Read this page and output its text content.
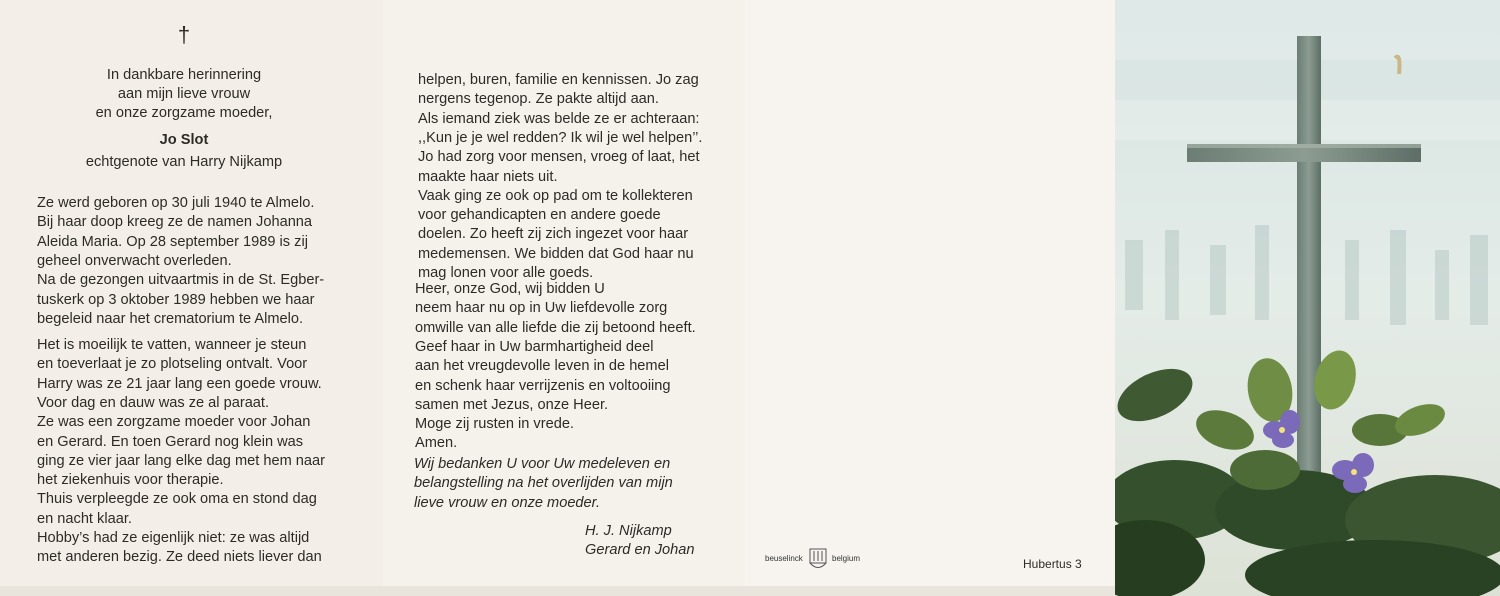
†
In dankbare herinnering
aan mijn lieve vrouw
en onze zorgzame moeder,
Jo Slot
echtgenote van Harry Nijkamp
Ze werd geboren op 30 juli 1940 te Almelo.
Bij haar doop kreeg ze de namen Johanna
Aleida Maria. Op 28 september 1989 is zij
geheel onverwacht overleden.
Na de gezongen uitvaartmis in de St. Egber-
tuskerk op 3 oktober 1989 hebben we haar
begeleid naar het crematorium te Almelo.
Het is moeilijk te vatten, wanneer je steun
en toeverlaat je zo plotseling ontvalt. Voor
Harry was ze 21 jaar lang een goede vrouw.
Voor dag en dauw was ze al paraat.
Ze was een zorgzame moeder voor Johan
en Gerard. En toen Gerard nog klein was
ging ze vier jaar lang elke dag met hem naar
het ziekenhuis voor therapie.
Thuis verpleegde ze ook oma en stond dag
en nacht klaar.
Hobby’s had ze eigenlijk niet: ze was altijd
met anderen bezig. Ze deed niets liever dan
helpen, buren, familie en kennissen. Jo zag
nergens tegenop. Ze pakte altijd aan.
Als iemand ziek was belde ze er achteraan:
,,Kun je je wel redden? Ik wil je wel helpen’’.
Jo had zorg voor mensen, vroeg of laat, het
maakte haar niets uit.
Vaak ging ze ook op pad om te kollekteren
voor gehandicapten en andere goede
doelen. Zo heeft zij zich ingezet voor haar
medemensen. We bidden dat God haar nu
mag lonen voor alle goeds.
Heer, onze God, wij bidden U
neem haar nu op in Uw liefdevolle zorg
omwille van alle liefde die zij betoond heeft.
Geef haar in Uw barmhartigheid deel
aan het vreugdevolle leven in de hemel
en schenk haar verrijzenis en voltooiing
samen met Jezus, onze Heer.
Moge zij rusten in vrede.
Amen.
Wij bedanken U voor Uw medeleven en
belangstelling na het overlijden van mijn
lieve vrouw en onze moeder.
H. J. Nijkamp
Gerard en Johan
beuselinck	belgium	Hubertus 3
